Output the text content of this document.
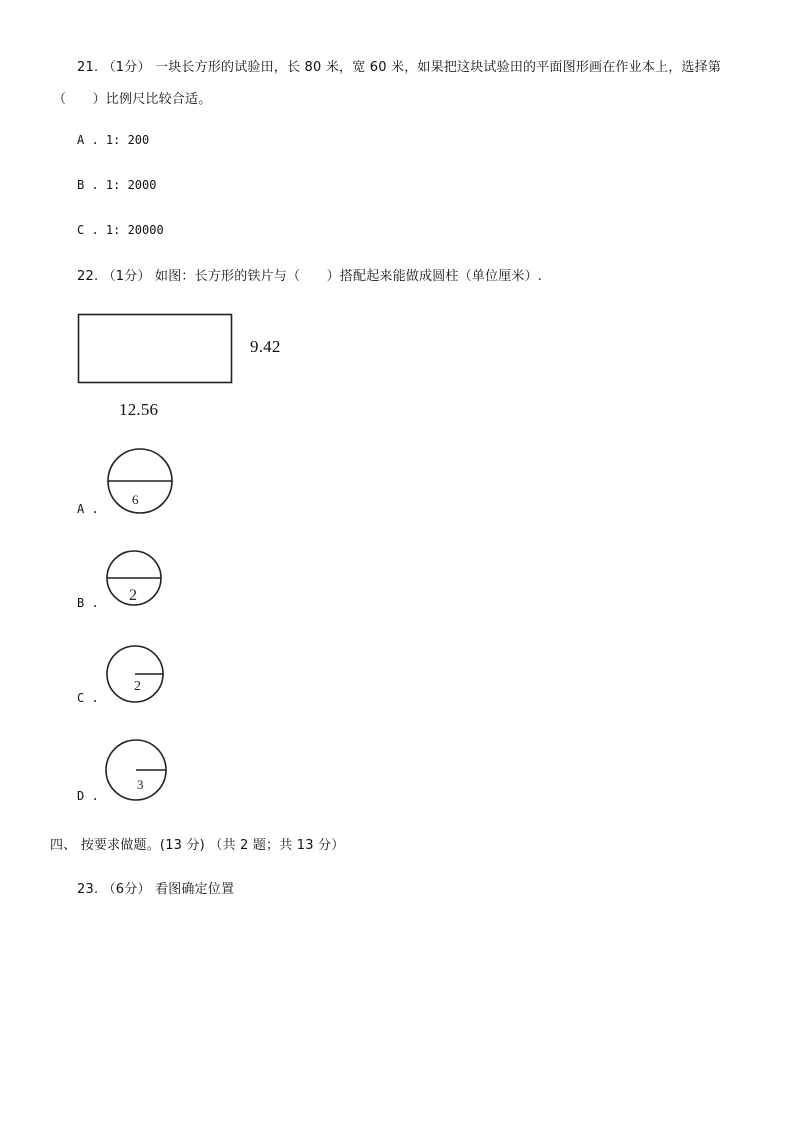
21. （1分） 一块长方形的试验田，长 80 米，宽 60 米，如果把这块试验田的平面图形画在作业本上，选择第
（　　）比例尺比较合适。
A . 1: 200
B . 1: 2000
C . 1: 20000
22. （1分） 如图：长方形的铁片与（　　）搭配起来能做成圆柱（单位厘米）.
9.42
12.56
A .
6
B . 2
C .
2
D .
3
四、 按要求做题。(13 分) （共 2 题；共 13 分）
23. （6分） 看图确定位置
